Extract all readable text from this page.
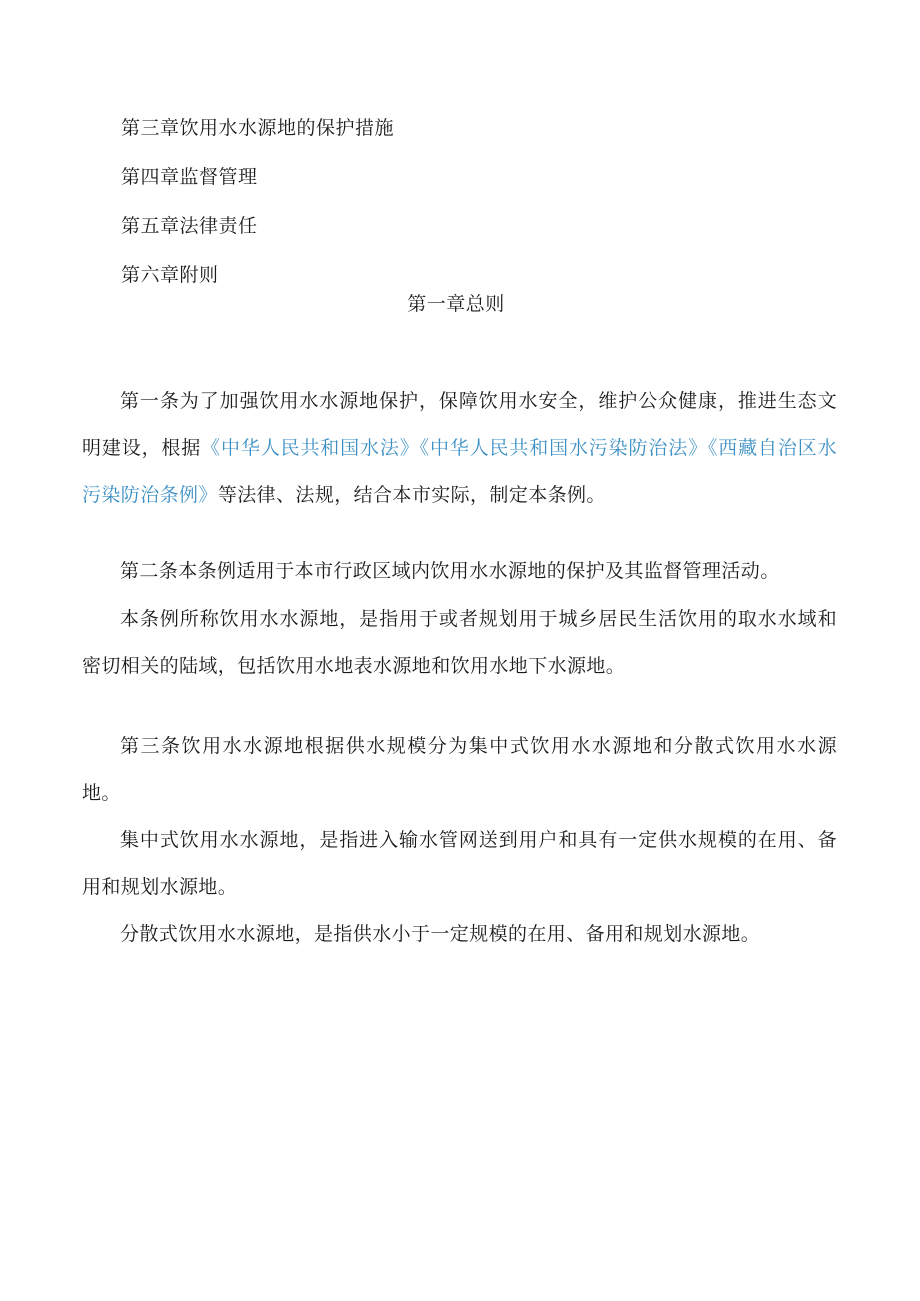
第三章饮用水水源地的保护措施
第四章监督管理
第五章法律责任
第六章附则
第一章总则
第一条为了加强饮用水水源地保护，保障饮用水安全，维护公众健康，推进生态文明建设，根据《中华人民共和国水法》《中华人民共和国水污染防治法》《西藏自治区水污染防治条例》等法律、法规，结合本市实际，制定本条例。
第二条本条例适用于本市行政区域内饮用水水源地的保护及其监督管理活动。
本条例所称饮用水水源地，是指用于或者规划用于城乡居民生活饮用的取水水域和密切相关的陆域，包括饮用水地表水源地和饮用水地下水源地。
第三条饮用水水源地根据供水规模分为集中式饮用水水源地和分散式饮用水水源地。
集中式饮用水水源地，是指进入输水管网送到用户和具有一定供水规模的在用、备用和规划水源地。
分散式饮用水水源地，是指供水小于一定规模的在用、备用和规划水源地。
